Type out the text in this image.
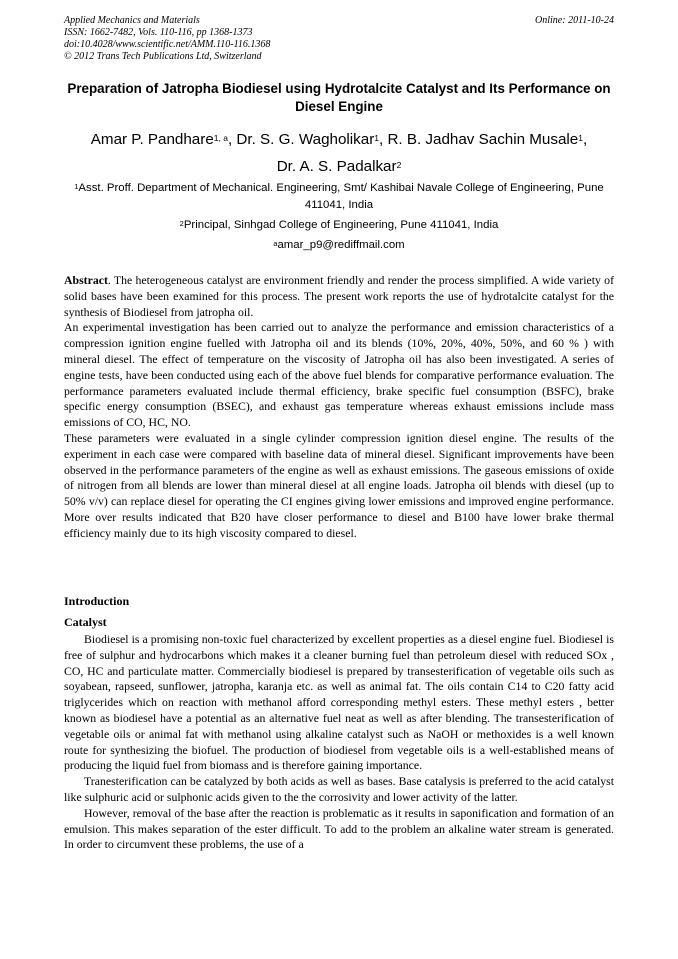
Applied Mechanics and Materials
ISSN: 1662-7482, Vols. 110-116, pp 1368-1373
doi:10.4028/www.scientific.net/AMM.110-116.1368
© 2012 Trans Tech Publications Ltd, Switzerland
Online: 2011-10-24
Preparation of Jatropha Biodiesel using Hydrotalcite Catalyst and Its Performance on Diesel Engine
Amar P. Pandhare$^{1, a}$, Dr. S. G. Wagholikar$^1$, R. B. Jadhav Sachin Musale$^1$,
Dr. A. S. Padalkar$^2$
$^1$Asst. Proff. Department of Mechanical. Engineering, Smt/ Kashibai Navale College of Engineering, Pune 411041, India
$^2$Principal, Sinhgad College of Engineering, Pune 411041, India
$^a$amar_p9@rediffmail.com

Abstract. The heterogeneous catalyst are environment friendly and render the process simplified. A wide variety of solid bases have been examined for this process. The present work reports the use of hydrotalcite catalyst for the synthesis of Biodiesel from jatropha oil.

An experimental investigation has been carried out to analyze the performance and emission characteristics of a compression ignition engine fuelled with Jatropha oil and its blends (10%, 20%, 40%, 50%, and 60 % ) with mineral diesel. The effect of temperature on the viscosity of Jatropha oil has also been investigated. A series of engine tests, have been conducted using each of the above fuel blends for comparative performance evaluation. The performance parameters evaluated include thermal efficiency, brake specific fuel consumption (BSFC), brake specific energy consumption (BSEC), and exhaust gas temperature whereas exhaust emissions include mass emissions of CO, HC, NO.

These parameters were evaluated in a single cylinder compression ignition diesel engine. The results of the experiment in each case were compared with baseline data of mineral diesel. Significant improvements have been observed in the performance parameters of the engine as well as exhaust emissions. The gaseous emissions of oxide of nitrogen from all blends are lower than mineral diesel at all engine loads. Jatropha oil blends with diesel (up to 50% v/v) can replace diesel for operating the CI engines giving lower emissions and improved engine performance. More over results indicated that B20 have closer performance to diesel and B100 have lower brake thermal efficiency mainly due to its high viscosity compared to diesel.

Introduction
Catalyst

Biodiesel is a promising non-toxic fuel characterized by excellent properties as a diesel engine fuel. Biodiesel is free of sulphur and hydrocarbons which makes it a cleaner burning fuel than petroleum diesel with reduced SOx , CO, HC and particulate matter. Commercially biodiesel is prepared by transesterification of vegetable oils such as soyabean, rapseed, sunflower, jatropha, karanja etc. as well as animal fat. The oils contain C14 to C20 fatty acid triglycerides which on reaction with methanol afford corresponding methyl esters. These methyl esters , better known as biodiesel have a potential as an alternative fuel neat as well as after blending. The transesterification of vegetable oils or animal fat with methanol using alkaline catalyst such as NaOH or methoxides is a well known route for synthesizing the biofuel. The production of biodiesel from vegetable oils is a well-established means of producing the liquid fuel from biomass and is therefore gaining importance.

Tranesterification can be catalyzed by both acids as well as bases. Base catalysis is preferred to the acid catalyst like sulphuric acid or sulphonic acids given to the the corrosivity and lower activity of the latter.

However, removal of the base after the reaction is problematic as it results in saponification and formation of an emulsion. This makes separation of the ester difficult. To add to the problem an alkaline water stream is generated. In order to circumvent these problems, the use of a
